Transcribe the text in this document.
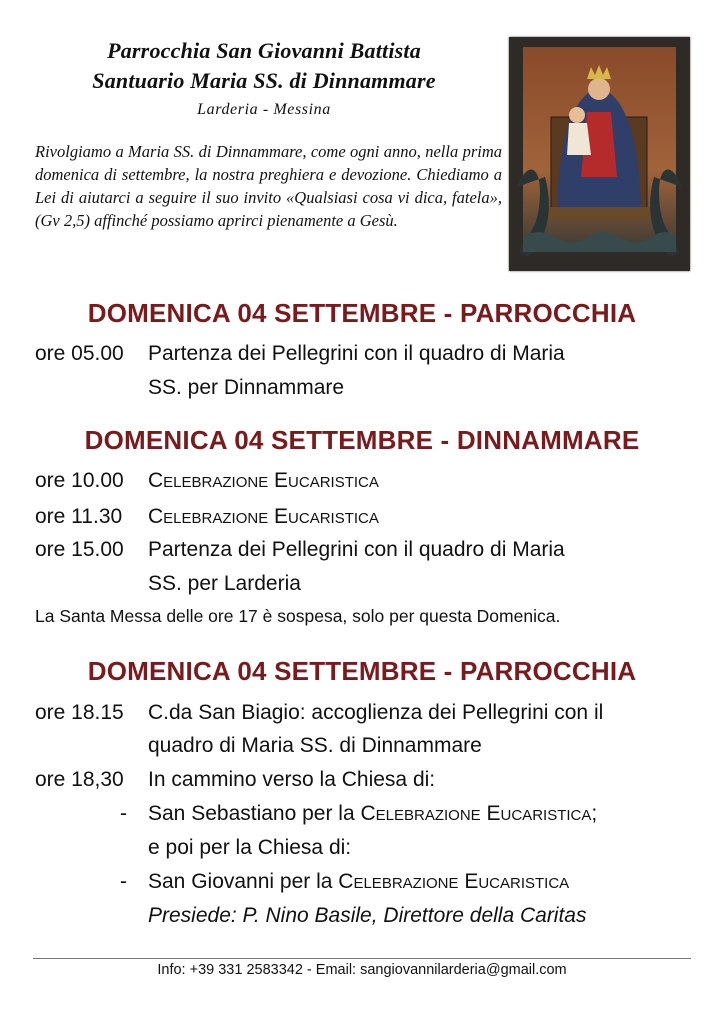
Parrocchia San Giovanni Battista
Santuario Maria SS. di Dinnammare
Larderia - Messina
Rivolgiamo a Maria SS. di Dinnammare, come ogni anno, nella prima domenica di settembre, la nostra preghiera e devozione. Chiediamo a Lei di aiutarci a seguire il suo invito «Qualsiasi cosa vi dica, fatela», (Gv 2,5) affinché possiamo aprirci pienamente a Gesù.
DOMENICA 04 SETTEMBRE - PARROCCHIA
ore 05.00 Partenza dei Pellegrini con il quadro di Maria
SS. per Dinnammare
DOMENICA 04 SETTEMBRE - DINNAMMARE
ore 10.00 Celebrazione Eucaristica
ore 11.30 Celebrazione Eucaristica
ore 15.00 Partenza dei Pellegrini con il quadro di Maria
SS. per Larderia
La Santa Messa delle ore 17 è sospesa, solo per questa Domenica.
DOMENICA 04 SETTEMBRE - PARROCCHIA
ore 18.15 C.da San Biagio: accoglienza dei Pellegrini con il
quadro di Maria SS. di Dinnammare
ore 18,30 In cammino verso la Chiesa di:
- San Sebastiano per la Celebrazione Eucaristica;
e poi per la Chiesa di:
- San Giovanni per la Celebrazione Eucaristica
Presiede: P. Nino Basile, Direttore della Caritas
Info: +39 331 2583342 - Email: sangiovannilarderia@gmail.com
